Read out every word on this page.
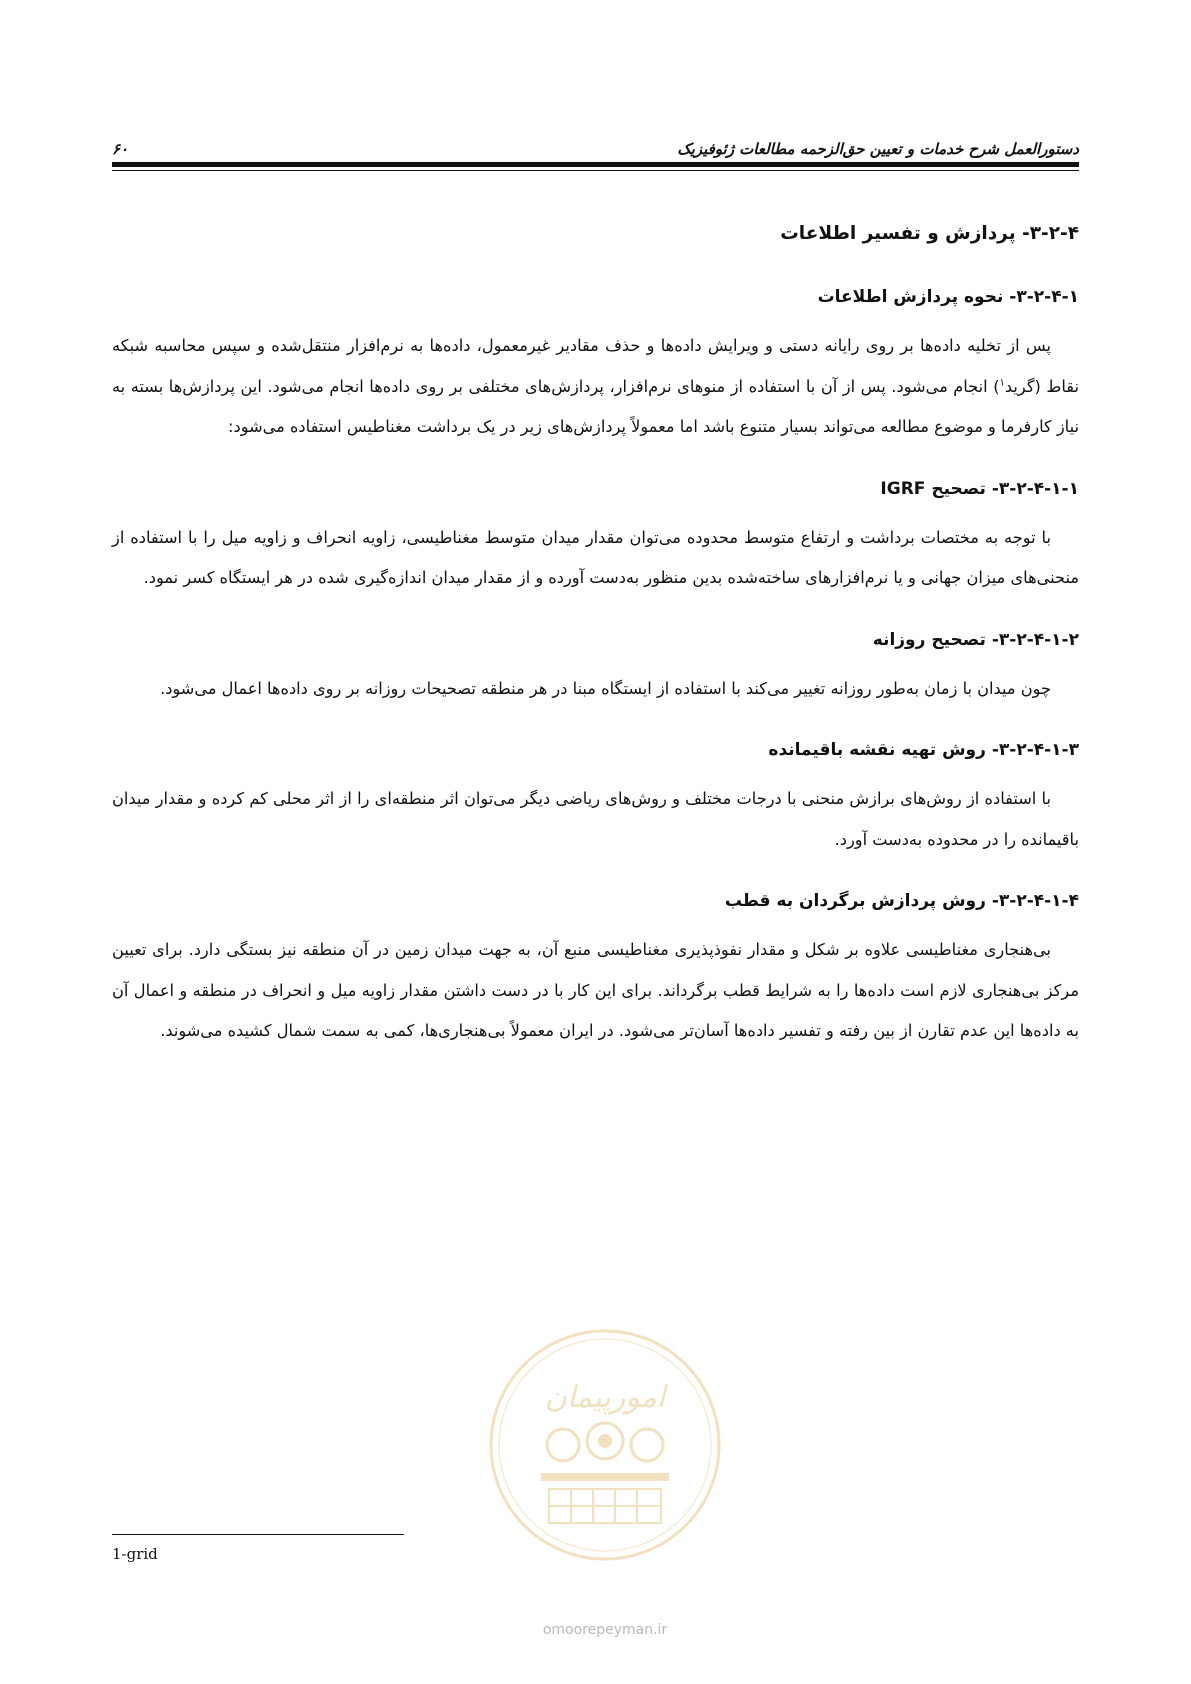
دستورالعمل شرح خدمات و تعیین حق‌الزحمه مطالعات ژئوفیزیک
۶۰
۳-۲-۴- پردازش و تفسیر اطلاعات
۳-۲-۴-۱- نحوه پردازش اطلاعات

پس از تخلیه داده‌ها بر روی رایانه دستی و ویرایش داده‌ها و حذف مقادیر غیرمعمول، داده‌ها به نرم‌افزار منتقل‌شده و سپس محاسبه شبکه نقاط (گرید$^۱$) انجام می‌شود. پس از آن با استفاده از منوهای نرم‌افزار، پردازش‌های مختلفی بر روی داده‌ها انجام می‌شود. این پردازش‌ها بسته به نیاز کارفرما و موضوع مطالعه می‌تواند بسیار متنوع باشد اما معمولاً پردازش‌های زیر در یک برداشت مغناطیس استفاده می‌شود:

۳-۲-۴-۱-۱- تصحیح IGRF

با توجه به مختصات برداشت و ارتفاع متوسط محدوده می‌توان مقدار میدان متوسط مغناطیسی، زاویه انحراف و زاویه میل را با استفاده از منحنی‌های میزان جهانی و یا نرم‌افزارهای ساخته‌شده بدین منظور به‌دست آورده و از مقدار میدان اندازه‌گیری شده در هر ایستگاه کسر نمود.

۳-۲-۴-۱-۲- تصحیح روزانه

چون میدان با زمان به‌طور روزانه تغییر می‌کند با استفاده از ایستگاه مبنا در هر منطقه تصحیحات روزانه بر روی داده‌ها اعمال می‌شود.

۳-۲-۴-۱-۳- روش تهیه نقشه باقیمانده

با استفاده از روش‌های برازش منحنی با درجات مختلف و روش‌های ریاضی دیگر می‌توان اثر منطقه‌ای را از اثر محلی کم کرده و مقدار میدان باقیمانده را در محدوده به‌دست آورد.

۳-۲-۴-۱-۴- روش پردازش برگردان به قطب

بی‌هنجاری مغناطیسی علاوه بر شکل و مقدار نفوذپذیری مغناطیسی منبع آن، به جهت میدان زمین در آن منطقه نیز بستگی دارد. برای تعیین مرکز بی‌هنجاری لازم است داده‌ها را به شرایط قطب برگرداند. برای این کار با در دست داشتن مقدار زاویه میل و انحراف در منطقه و اعمال آن به داده‌ها این عدم تقارن از بین رفته و تفسیر داده‌ها آسان‌تر می‌شود. در ایران معمولاً بی‌هنجاری‌ها، کمی به سمت شمال کشیده می‌شوند.

امورپیمان
omoorepeyman.ir
1-grid
